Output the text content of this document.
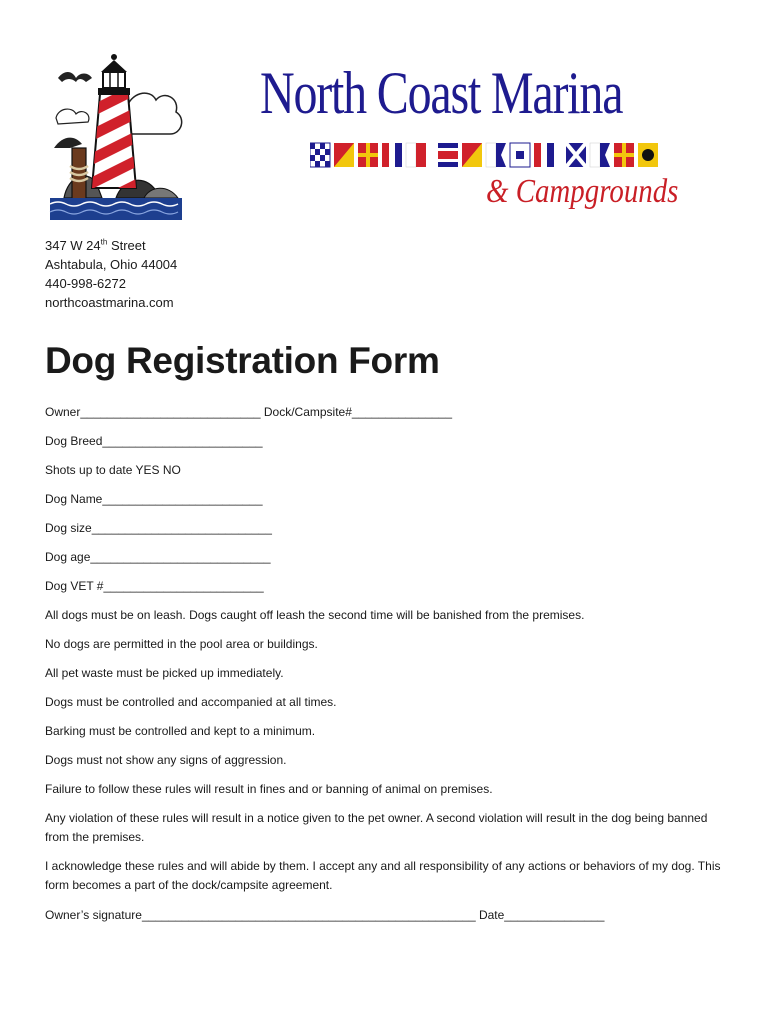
North Coast Marina

& Campgrounds

347 W 24th Street
Ashtabula, Ohio 44004
440-998-6272
northcoastmarina.com
Dog Registration Form
Owner___________________________ Dock/Campsite#_______________
Dog Breed________________________
Shots up to date YES NO
Dog Name________________________
Dog size___________________________
Dog age___________________________
Dog VET #________________________
All dogs must be on leash. Dogs caught off leash the second time will be banished from the premises.
No dogs are permitted in the pool area or buildings.
All pet waste must be picked up immediately.
Dogs must be controlled and accompanied at all times.
Barking must be controlled and kept to a minimum.
Dogs must not show any signs of aggression.
Failure to follow these rules will result in fines and or banning of animal on premises.
Any violation of these rules will result in a notice given to the pet owner. A second violation will result in the dog being banned from the premises.
I acknowledge these rules and will abide by them. I accept any and all responsibility of any actions or behaviors of my dog. This form becomes a part of the dock/campsite agreement.
Owner’s signature__________________________________________________ Date_______________
